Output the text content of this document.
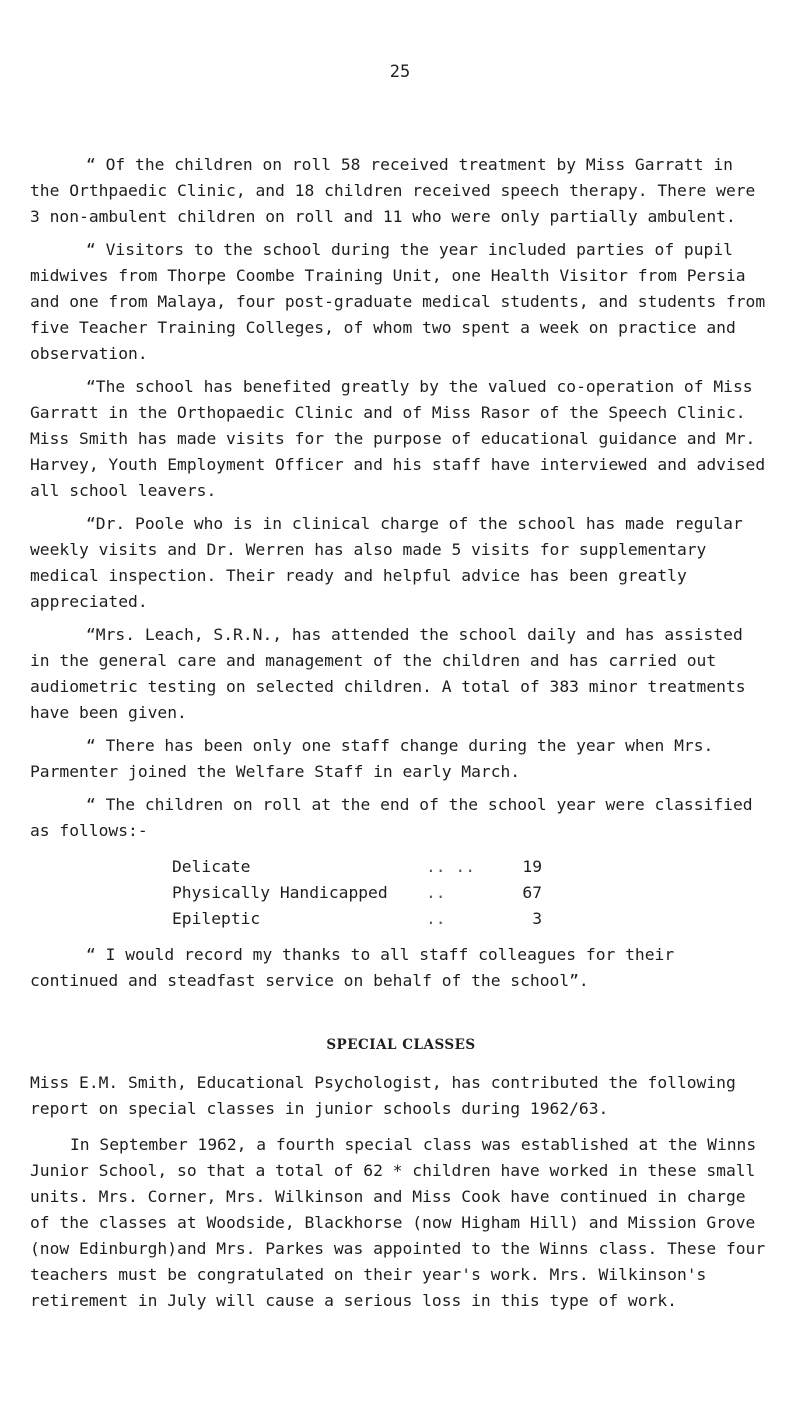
25

“ Of the children on roll 58 received treatment by Miss Garratt in the Orthpaedic Clinic, and 18 children received speech therapy. There were 3 non-ambulent children on roll and 11 who were only partially ambulent.

“ Visitors to the school during the year included parties of pupil midwives from Thorpe Coombe Training Unit, one Health Visitor from Persia and one from Malaya, four post-graduate medical students, and students from five Teacher Training Colleges, of whom two spent a week on practice and observation.

“The school has benefited greatly by the valued co-operation of Miss Garratt in the Orthopaedic Clinic and of Miss Rasor of the Speech Clinic. Miss Smith has made visits for the purpose of educational guidance and Mr. Harvey, Youth Employment Officer and his staff have interviewed and advised all school leavers.

“Dr. Poole who is in clinical charge of the school has made regular weekly visits and Dr. Werren has also made 5 visits for supplementary medical inspection. Their ready and helpful advice has been greatly appreciated.

“Mrs. Leach, S.R.N., has attended the school daily and has assisted in the general care and management of the children and has carried out audiometric testing on selected children. A total of 383 minor treatments have been given.

“ There has been only one staff change during the year when Mrs. Parmenter joined the Welfare Staff in early March.

“ The children on roll at the end of the school year were classified as follows:-

Delicate	.. ..	19
Physically Handicapped	..	67
Epileptic	..	3

“ I would record my thanks to all staff colleagues for their continued and steadfast service on behalf of the school”.

SPECIAL CLASSES

Miss E.M. Smith, Educational Psychologist, has contributed the following report on special classes in junior schools during 1962/63.

In September 1962, a fourth special class was established at the Winns Junior School, so that a total of 62 * children have worked in these small units. Mrs. Corner, Mrs. Wilkinson and Miss Cook have continued in charge of the classes at Woodside, Blackhorse (now Higham Hill) and Mission Grove (now Edinburgh)and Mrs. Parkes was appointed to the Winns class. These four teachers must be congratulated on their year's work. Mrs. Wilkinson's retirement in July will cause a serious loss in this type of work.
